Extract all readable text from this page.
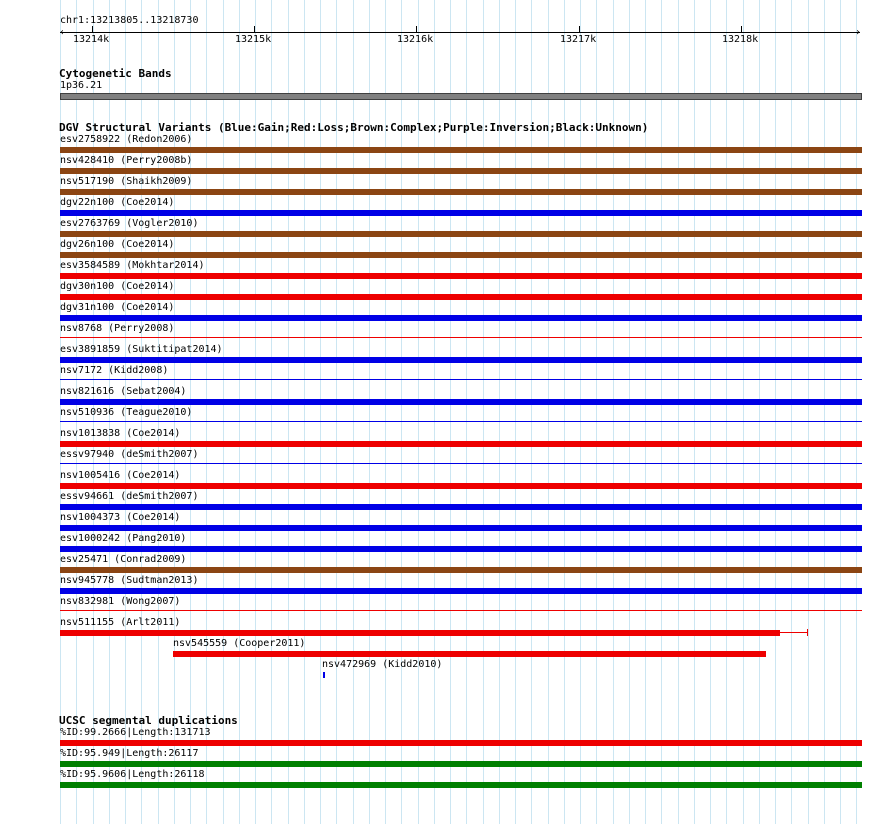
chr1:13213805..13218730
‹	›
13214k	13215k	13216k	13217k	13218k
Cytogenetic Bands
1p36.21
DGV Structural Variants (Blue:Gain;Red:Loss;Brown:Complex;Purple:Inversion;Black:Unknown)
esv2758922 (Redon2006)
nsv428410 (Perry2008b)
nsv517190 (Shaikh2009)
dgv22n100 (Coe2014)
esv2763769 (Vogler2010)
dgv26n100 (Coe2014)
esv3584589 (Mokhtar2014)
dgv30n100 (Coe2014)
dgv31n100 (Coe2014)
nsv8768 (Perry2008)
esv3891859 (Suktitipat2014)
nsv7172 (Kidd2008)
nsv821616 (Sebat2004)
nsv510936 (Teague2010)
nsv1013838 (Coe2014)
essv97940 (deSmith2007)
nsv1005416 (Coe2014)
essv94661 (deSmith2007)
nsv1004373 (Coe2014)
esv1000242 (Pang2010)
esv25471 (Conrad2009)
nsv945778 (Sudtman2013)
nsv832981 (Wong2007)
nsv511155 (Arlt2011)
nsv545559 (Cooper2011)
nsv472969 (Kidd2010)
UCSC segmental duplications
%ID:99.2666|Length:131713
%ID:95.949|Length:26117
%ID:95.9606|Length:26118
